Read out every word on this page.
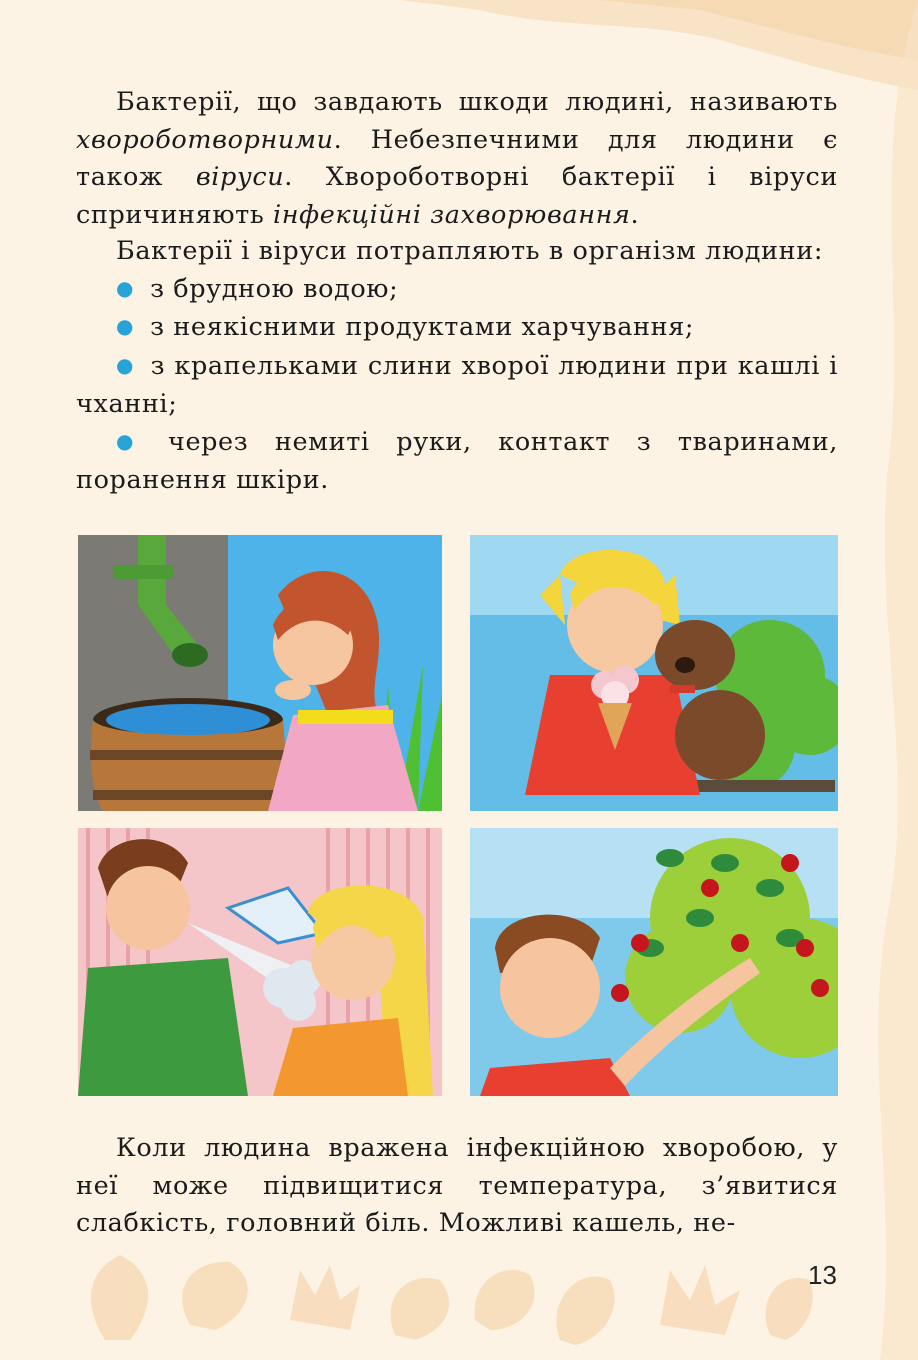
Бактерії, що завдають шкоди людині, називають хвороботворними. Небезпечними для людини є також віруси. Хвороботворні бактерії і віруси спричиняють інфекційні захворювання.

Бактерії і віруси потрапляють в організм людини:

● з брудною водою;

● з неякісними продуктами харчування;

● з крапельками слини хворої людини при кашлі і чханні;

● через немиті руки, контакт з тваринами, поранення шкіри.

Коли людина вражена інфекційною хворобою, у неї може підвищитися температура, з’явитися слабкість, головний біль. Можливі кашель, не-

13
